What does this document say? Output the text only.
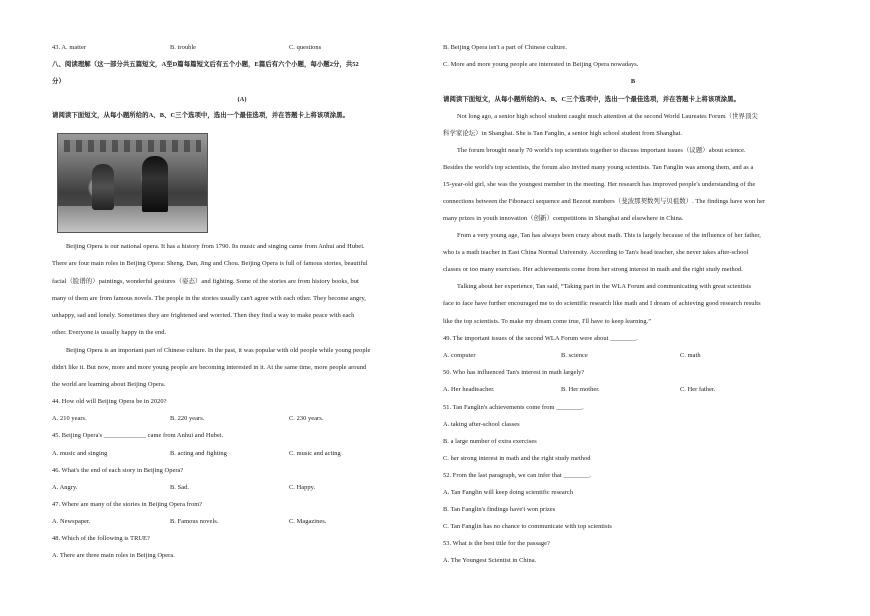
43. A. matter	B. trouble	C. questions
八、阅读理解（这一部分共五篇短文，A至D篇每篇短文后有五个小题，E篇后有六个小题，每小题2分，共52
分）
(A)
请阅读下面短文，从每小题所给的A、B、C三个选项中，选出一个最佳选项，并在答题卡上将该项涂黑。
Beijing Opera is our national opera. It has a history from 1790. Its music and singing came from Anhui and Hubei.
There are four main roles in Beijing Opera: Sheng, Dan, Jing and Chou. Beijing Opera is full of famous stories, beautiful
facial（脸谱的）paintings, wonderful gestures（姿态）and fighting. Some of the stories are from history books, but
many of them are from famous novels. The people in the stories usually can't agree with each other. They become angry,
unhappy, sad and lonely. Sometimes they are frightened and worried. Then they find a way to make peace with each
other. Everyone is usually happy in the end.
Beijing Opera is an important part of Chinese culture. In the past, it was popular with old people while young people
didn't like it. But now, more and more young people are becoming interested in it. At the same time, more people around
the world are learning about Beijing Opera.
44. How old will Beijing Opera be in 2020?
A. 210 years.	B. 220 years.	C. 230 years.
45. Beijing Opera's _____________ came from Anhui and Hubei.
A. music and singing	B. acting and fighting	C. music and acting
46. What's the end of each story in Beijing Opera?
A. Angry.	B. Sad.	C. Happy.
47. Where are many of the stories in Beijing Opera from?
A. Newspaper.	B. Famous novels.	C. Magazines.
48. Which of the following is TRUE?
A. There are three main roles in Beijing Opera.
B. Beijing Opera isn't a part of Chinese culture.
C. More and more young people are interested in Beijing Opera nowadays.
B
请阅读下面短文，从每小题所给的A、B、C三个选项中，选出一个最佳选项，并在答题卡上将该项涂黑。
Not long ago, a senior high school student caught much attention at the second World Laureates Forum（世界顶尖
科学家论坛）in Shanghai. She is Tan Fanglin, a senior high school student from Shanghai.
The forum brought nearly 70 world's top scientists together to discuss important issues（议题）about science.
Besides the world's top scientists, the forum also invited many young scientists. Tan Fanglin was among them, and as a
15-year-old girl, she was the youngest member in the meeting. Her research has improved people's understanding of the
connections between the Fibonacci sequence and Bezout numbers（斐波那契数列与贝祖数）. The findings have won her
many prizes in youth innovation（创新）competitions in Shanghai and elsewhere in China.
From a very young age, Tan has always been crazy about math. This is largely because of the influence of her father,
who is a math teacher in East China Normal University. According to Tan's head teacher, she never takes after-school
classes or too many exercises. Her achievements come from her strong interest in math and the right study method.
Talking about her experience, Tan said, “Taking part in the WLA Forum and communicating with great scientists
face to face have further encouraged me to do scientific research like math and I dream of achieving good research results
like the top scientists. To make my dream come true, I'll have to keep learning.”
49. The important issues of the second WLA Forum were about ________.
A. computer	B. science	C. math
50. Who has influenced Tan's interest in math largely?
A. Her headteacher.	B. Her mother.	C. Her father.
51. Tan Fanglin's achievements come from ________.
A. taking after-school classes
B. a large number of extra exercises
C. her strong interest in math and the right study method
52. From the last paragraph, we can infer that ________.
A. Tan Fanglin will keep doing scientific research
B. Tan Fanglin's findings have't won prizes
C. Tan Fanglin has no chance to communicate with top scientists
53. What is the best title for the passage?
A. The Youngest Scientist in China.
